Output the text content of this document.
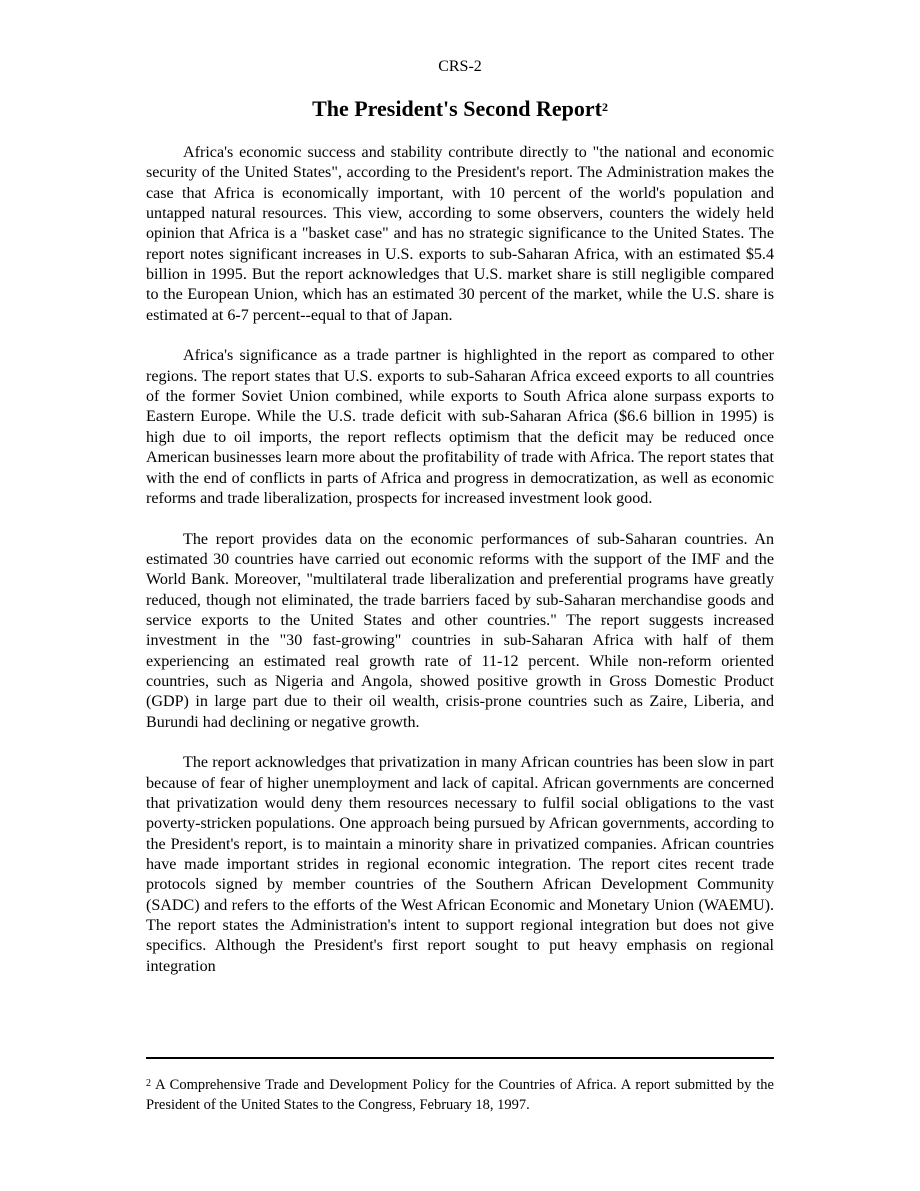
CRS-2
The President's Second Report$^2$

Africa's economic success and stability contribute directly to "the national and economic security of the United States", according to the President's report. The Administration makes the case that Africa is economically important, with 10 percent of the world's population and untapped natural resources. This view, according to some observers, counters the widely held opinion that Africa is a "basket case" and has no strategic significance to the United States. The report notes significant increases in U.S. exports to sub-Saharan Africa, with an estimated $5.4 billion in 1995. But the report acknowledges that U.S. market share is still negligible compared to the European Union, which has an estimated 30 percent of the market, while the U.S. share is estimated at 6-7 percent--equal to that of Japan.

Africa's significance as a trade partner is highlighted in the report as compared to other regions. The report states that U.S. exports to sub-Saharan Africa exceed exports to all countries of the former Soviet Union combined, while exports to South Africa alone surpass exports to Eastern Europe. While the U.S. trade deficit with sub-Saharan Africa ($6.6 billion in 1995) is high due to oil imports, the report reflects optimism that the deficit may be reduced once American businesses learn more about the profitability of trade with Africa. The report states that with the end of conflicts in parts of Africa and progress in democratization, as well as economic reforms and trade liberalization, prospects for increased investment look good.

The report provides data on the economic performances of sub-Saharan countries. An estimated 30 countries have carried out economic reforms with the support of the IMF and the World Bank. Moreover, "multilateral trade liberalization and preferential programs have greatly reduced, though not eliminated, the trade barriers faced by sub-Saharan merchandise goods and service exports to the United States and other countries." The report suggests increased investment in the "30 fast-growing" countries in sub-Saharan Africa with half of them experiencing an estimated real growth rate of 11-12 percent. While non-reform oriented countries, such as Nigeria and Angola, showed positive growth in Gross Domestic Product (GDP) in large part due to their oil wealth, crisis-prone countries such as Zaire, Liberia, and Burundi had declining or negative growth.

The report acknowledges that privatization in many African countries has been slow in part because of fear of higher unemployment and lack of capital. African governments are concerned that privatization would deny them resources necessary to fulfil social obligations to the vast poverty-stricken populations. One approach being pursued by African governments, according to the President's report, is to maintain a minority share in privatized companies. African countries have made important strides in regional economic integration. The report cites recent trade protocols signed by member countries of the Southern African Development Community (SADC) and refers to the efforts of the West African Economic and Monetary Union (WAEMU). The report states the Administration's intent to support regional integration but does not give specifics. Although the President's first report sought to put heavy emphasis on regional integration

$^2$ A Comprehensive Trade and Development Policy for the Countries of Africa. A report submitted by the President of the United States to the Congress, February 18, 1997.
